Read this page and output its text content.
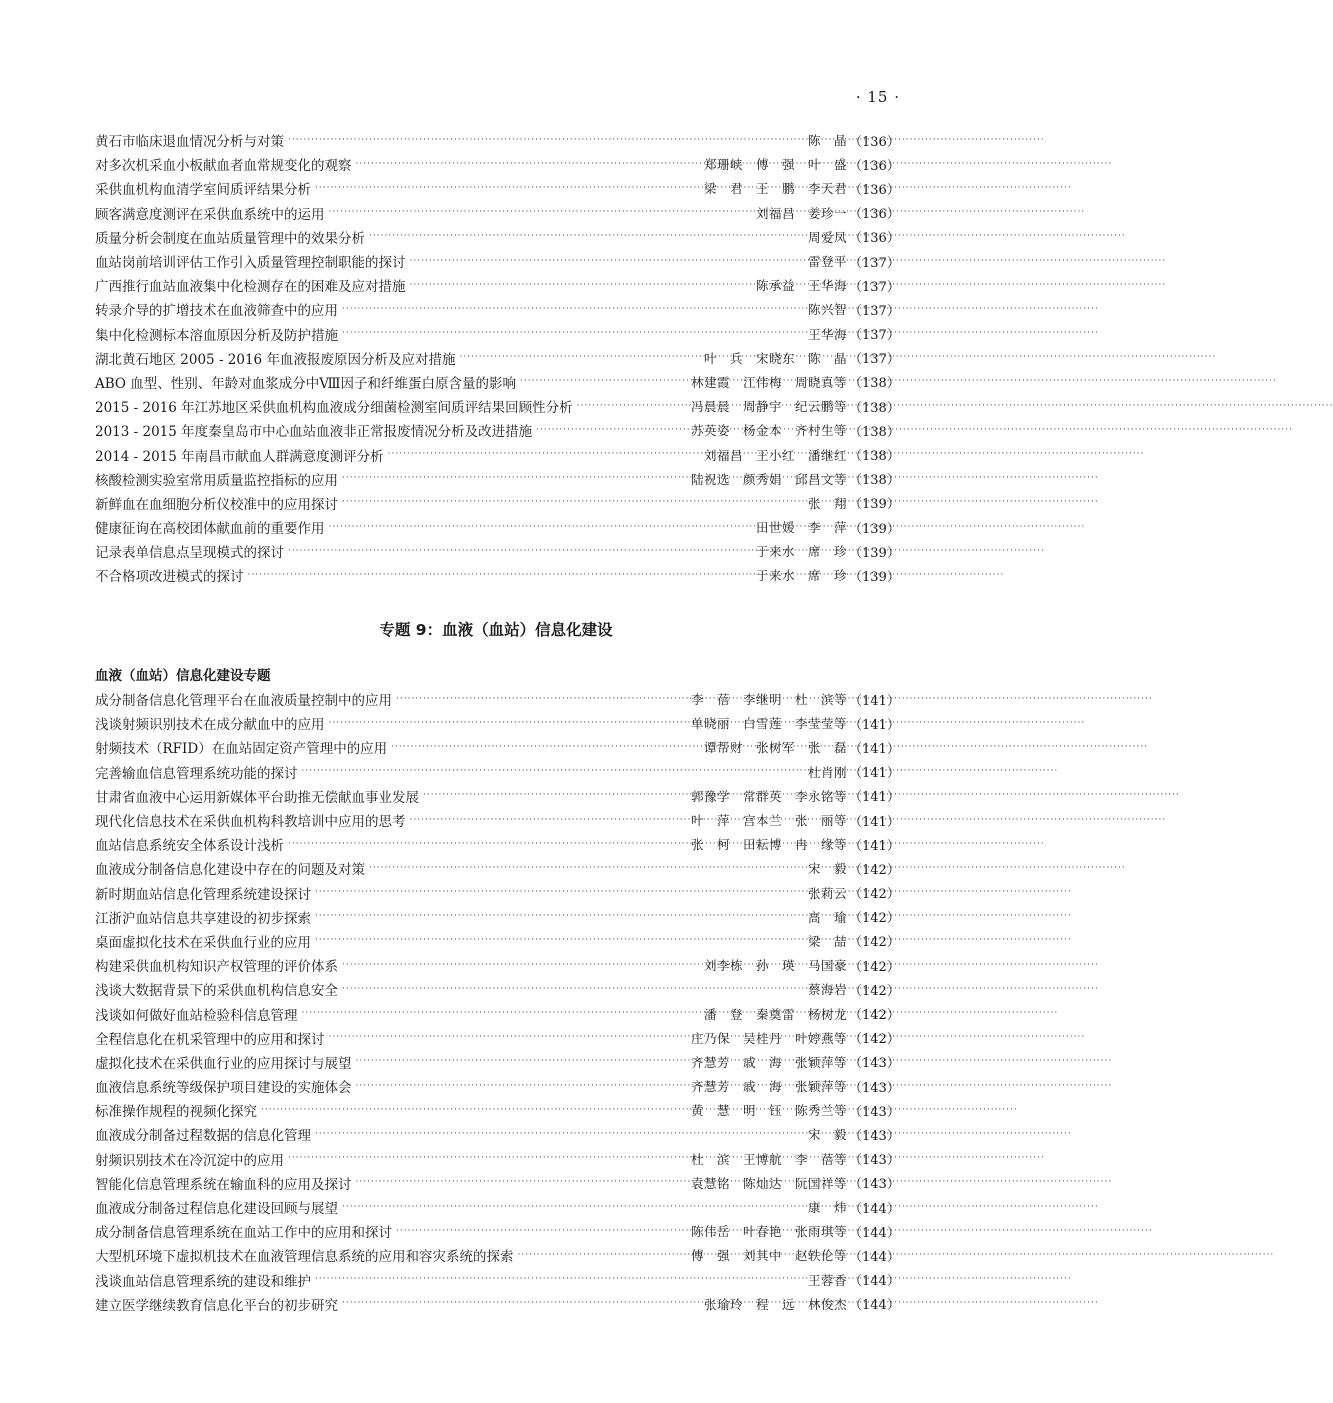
· 15 ·
黄石市临床退血情况分析与对策 ·····	陈　晶 （136）
对多次机采血小板献血者血常规变化的观察 ·····	郑珊峡　傅　强　叶　盛 （136）
采供血机构血清学室间质评结果分析 ·····	梁　君　王　鹏　李天君 （136）
顾客满意度测评在采供血系统中的运用 ·····	刘福昌　姜珍一 （136）
质量分析会制度在血站质量管理中的效果分析 ·····	周爱凤 （136）
血站岗前培训评估工作引入质量管理控制职能的探讨 ·····	雷登平 （137）
广西推行血站血液集中化检测存在的困难及应对措施 ·····	陈承益　王华海 （137）
转录介导的扩增技术在血液筛查中的应用 ·····	陈兴智 （137）
集中化检测标本溶血原因分析及防护措施 ·····	王华海 （137）
湖北黄石地区 2005 - 2016 年血液报废原因分析及应对措施 ·····	叶　兵　宋晓东　陈　晶 （137）
ABO 血型、性别、年龄对血浆成分中Ⅷ因子和纤维蛋白原含量的影响 ·····	林建霞　江伟梅　周晓真等 （138）
2015 - 2016 年江苏地区采供血机构血液成分细菌检测室间质评结果回顾性分析 ·····	冯晨晨　周静宇　纪云鹏等 （138）
2013 - 2015 年度秦皇岛市中心血站血液非正常报废情况分析及改进措施 ·····	苏英姿　杨金本　齐村生等 （138）
2014 - 2015 年南昌市献血人群满意度测评分析 ·····	刘福昌　王小红　潘继红 （138）
核酸检测实验室常用质量监控指标的应用 ·····	陆祝选　颜秀娟　邱昌文等 （138）
新鲜血在血细胞分析仪校准中的应用探讨 ·····	张　翔 （139）
健康征询在高校团体献血前的重要作用 ·····	田世媛　李　萍 （139）
记录表单信息点呈现模式的探讨 ·····	于来水　席　珍 （139）
不合格项改进模式的探讨 ·····	于来水　席　珍 （139）
专题 9：血液（血站）信息化建设
血液（血站）信息化建设专题
成分制备信息化管理平台在血液质量控制中的应用 ·····	李　蓓　李继明　杜　滨等 （141）
浅谈射频识别技术在成分献血中的应用 ·····	单晓丽　白雪莲　李莹莹等 （141）
射频技术（RFID）在血站固定资产管理中的应用 ·····	谭帮财　张树军　张　磊 （141）
完善输血信息管理系统功能的探讨 ·····	杜肖刚 （141）
甘肃省血液中心运用新媒体平台助推无偿献血事业发展 ·····	郭豫学　常群英　李永铭等 （141）
现代化信息技术在采供血机构科教培训中应用的思考 ·····	叶　萍　宫本兰　张　丽等 （141）
血站信息系统安全体系设计浅析 ·····	张　柯　田耘博　冉　缘等 （141）
血液成分制备信息化建设中存在的问题及对策 ·····	宋　毅 （142）
新时期血站信息化管理系统建设探讨 ·····	张莉云 （142）
江浙沪血站信息共享建设的初步探索 ·····	高　瑜 （142）
桌面虚拟化技术在采供血行业的应用 ·····	梁　喆 （142）
构建采供血机构知识产权管理的评价体系 ·····	刘李栋　孙　瑛　马国豪 （142）
浅谈大数据背景下的采供血机构信息安全 ·····	蔡海岩 （142）
浅谈如何做好血站检验科信息管理 ·····	潘　登　秦奠雷　杨树龙 （142）
全程信息化在机采管理中的应用和探讨 ·····	庄乃保　吴桂丹　叶婷燕等 （142）
虚拟化技术在采供血行业的应用探讨与展望 ·····	齐慧芳　戚　海　张颖萍等 （143）
血液信息系统等级保护项目建设的实施体会 ·····	齐慧芳　戚　海　张颖萍等 （143）
标准操作规程的视频化探究 ·····	黄　慧　明　钰　陈秀兰等 （143）
血液成分制备过程数据的信息化管理 ·····	宋　毅 （143）
射频识别技术在冷沉淀中的应用 ·····	杜　滨　王博航　李　蓓等 （143）
智能化信息管理系统在输血科的应用及探讨 ·····	袁慧铭　陈灿达　阮国祥等 （143）
血液成分制备过程信息化建设回顾与展望 ·····	康　炜 （144）
成分制备信息管理系统在血站工作中的应用和探讨 ·····	陈伟岳　叶春艳　张雨琪等 （144）
大型机环境下虚拟机技术在血液管理信息系统的应用和容灾系统的探索 ·····	傅　强　刘其中　赵轶伦等 （144）
浅谈血站信息管理系统的建设和维护 ·····	王蓉香 （144）
建立医学继续教育信息化平台的初步研究 ·····	张瑜玲　程　远　林俊杰 （144）
